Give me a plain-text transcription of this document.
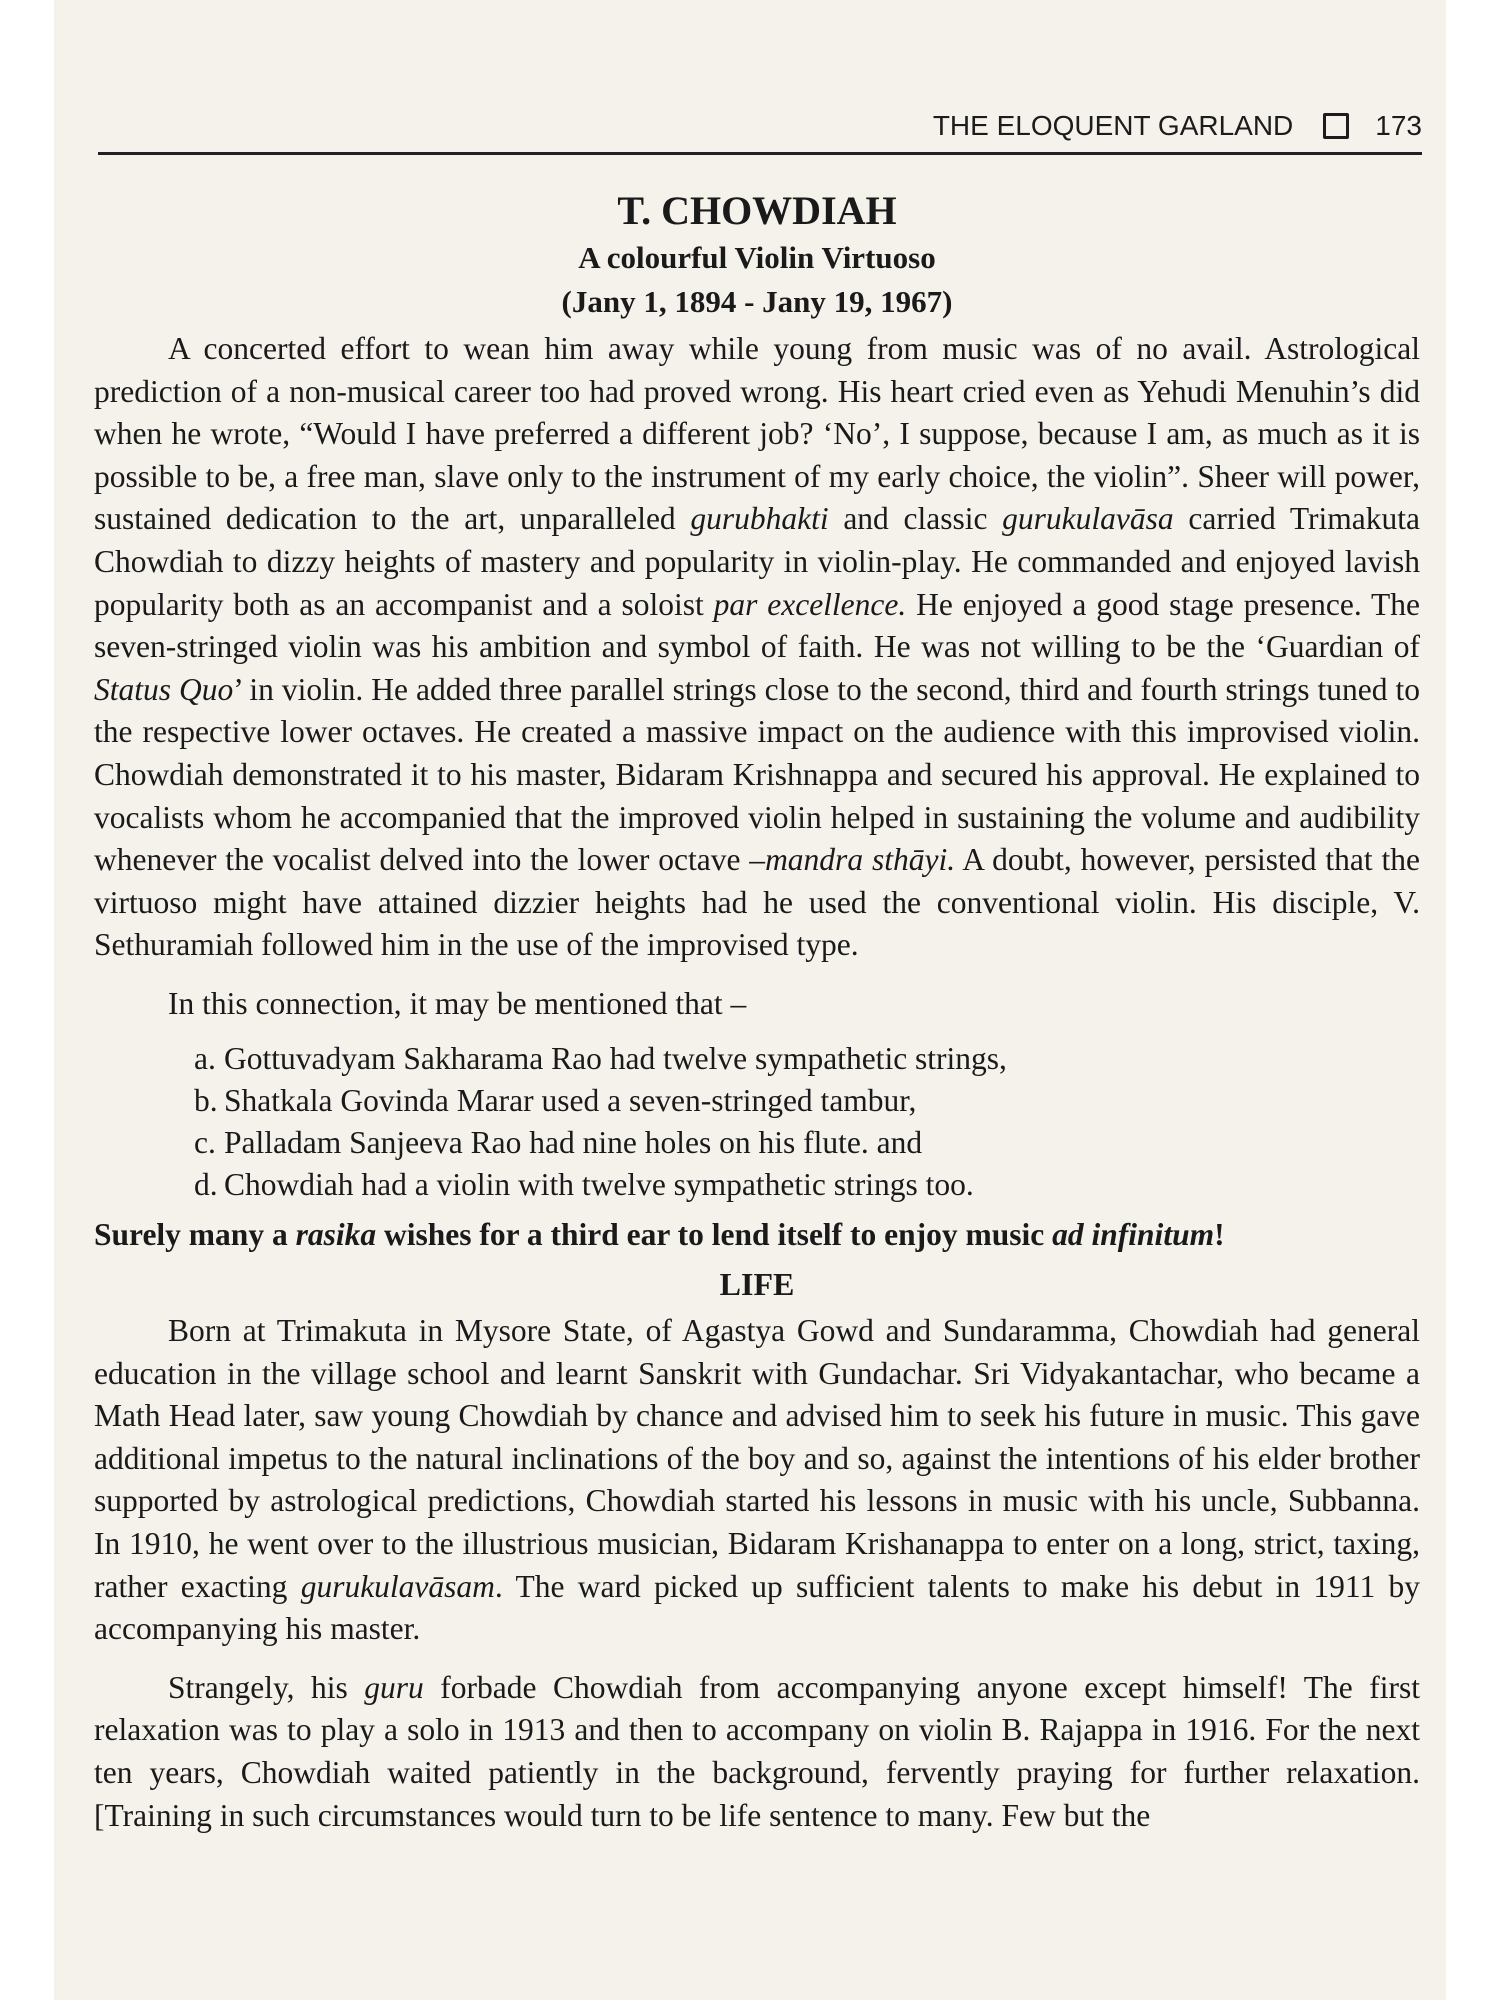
THE ELOQUENT GARLAND	173
T. CHOWDIAH
A colourful Violin Virtuoso
(Jany 1, 1894 - Jany 19, 1967)

A concerted effort to wean him away while young from music was of no avail. Astrological prediction of a non-musical career too had proved wrong. His heart cried even as Yehudi Menuhin’s did when he wrote, “Would I have preferred a different job? ‘No’, I suppose, because I am, as much as it is possible to be, a free man, slave only to the instrument of my early choice, the violin”. Sheer will power, sustained dedication to the art, unparalleled gurubhakti and classic gurukulavāsa carried Trimakuta Chowdiah to dizzy heights of mastery and popularity in violin-play. He commanded and enjoyed lavish popularity both as an accompanist and a soloist par excellence. He enjoyed a good stage presence. The seven-stringed violin was his ambition and symbol of faith. He was not willing to be the ‘Guardian of Status Quo’ in violin. He added three parallel strings close to the second, third and fourth strings tuned to the respective lower octaves. He created a massive impact on the audience with this improvised violin. Chowdiah demonstrated it to his master, Bidaram Krishnappa and secured his approval. He explained to vocalists whom he accompanied that the improved violin helped in sustaining the volume and audibility whenever the vocalist delved into the lower octave –mandra sthāyi. A doubt, however, persisted that the virtuoso might have attained dizzier heights had he used the conventional violin. His disciple, V. Sethuramiah followed him in the use of the improvised type.

In this connection, it may be mentioned that –

a. Gottuvadyam Sakharama Rao had twelve sympathetic strings,
b. Shatkala Govinda Marar used a seven-stringed tambur,
c. Palladam Sanjeeva Rao had nine holes on his flute. and
d. Chowdiah had a violin with twelve sympathetic strings too.

Surely many a rasika wishes for a third ear to lend itself to enjoy music ad infinitum!

LIFE

Born at Trimakuta in Mysore State, of Agastya Gowd and Sundaramma, Chowdiah had general education in the village school and learnt Sanskrit with Gundachar. Sri Vidyakantachar, who became a Math Head later, saw young Chowdiah by chance and advised him to seek his future in music. This gave additional impetus to the natural inclinations of the boy and so, against the intentions of his elder brother supported by astrological predictions, Chowdiah started his lessons in music with his uncle, Subbanna. In 1910, he went over to the illustrious musician, Bidaram Krishanappa to enter on a long, strict, taxing, rather exacting gurukulavāsam. The ward picked up sufficient talents to make his debut in 1911 by accompanying his master.

Strangely, his guru forbade Chowdiah from accompanying anyone except himself! The first relaxation was to play a solo in 1913 and then to accompany on violin B. Rajappa in 1916. For the next ten years, Chowdiah waited patiently in the background, fervently praying for further relaxation. [Training in such circumstances would turn to be life sentence to many. Few but the
